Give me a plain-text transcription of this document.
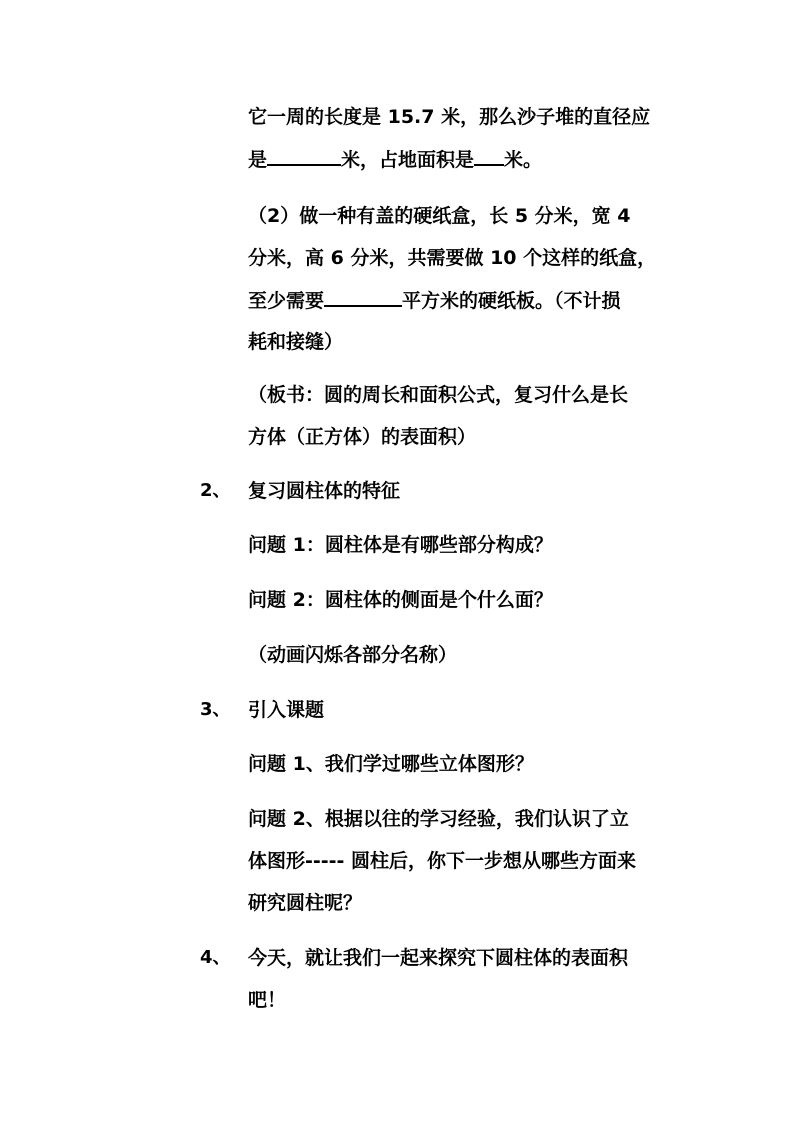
它一周的长度是 15.7 米，那么沙子堆的直径应
是	米，占地面积是 米。
（2）做一种有盖的硬纸盒，长 5 分米，宽 4
分米，高 6 分米，共需要做 10 个这样的纸盒，
至少需要	平方米的硬纸板。（不计损
耗和接缝）
（板书：圆的周长和面积公式，复习什么是长
方体（正方体）的表面积）
2、 复习圆柱体的特征
问题 1：圆柱体是有哪些部分构成？
问题 2：圆柱体的侧面是个什么面？
（动画闪烁各部分名称）
3、 引入课题
问题 1、我们学过哪些立体图形？
问题 2、根据以往的学习经验，我们认识了立
体图形----- 圆柱后，你下一步想从哪些方面来
研究圆柱呢？
4、 今天，就让我们一起来探究下圆柱体的表面积
吧！
